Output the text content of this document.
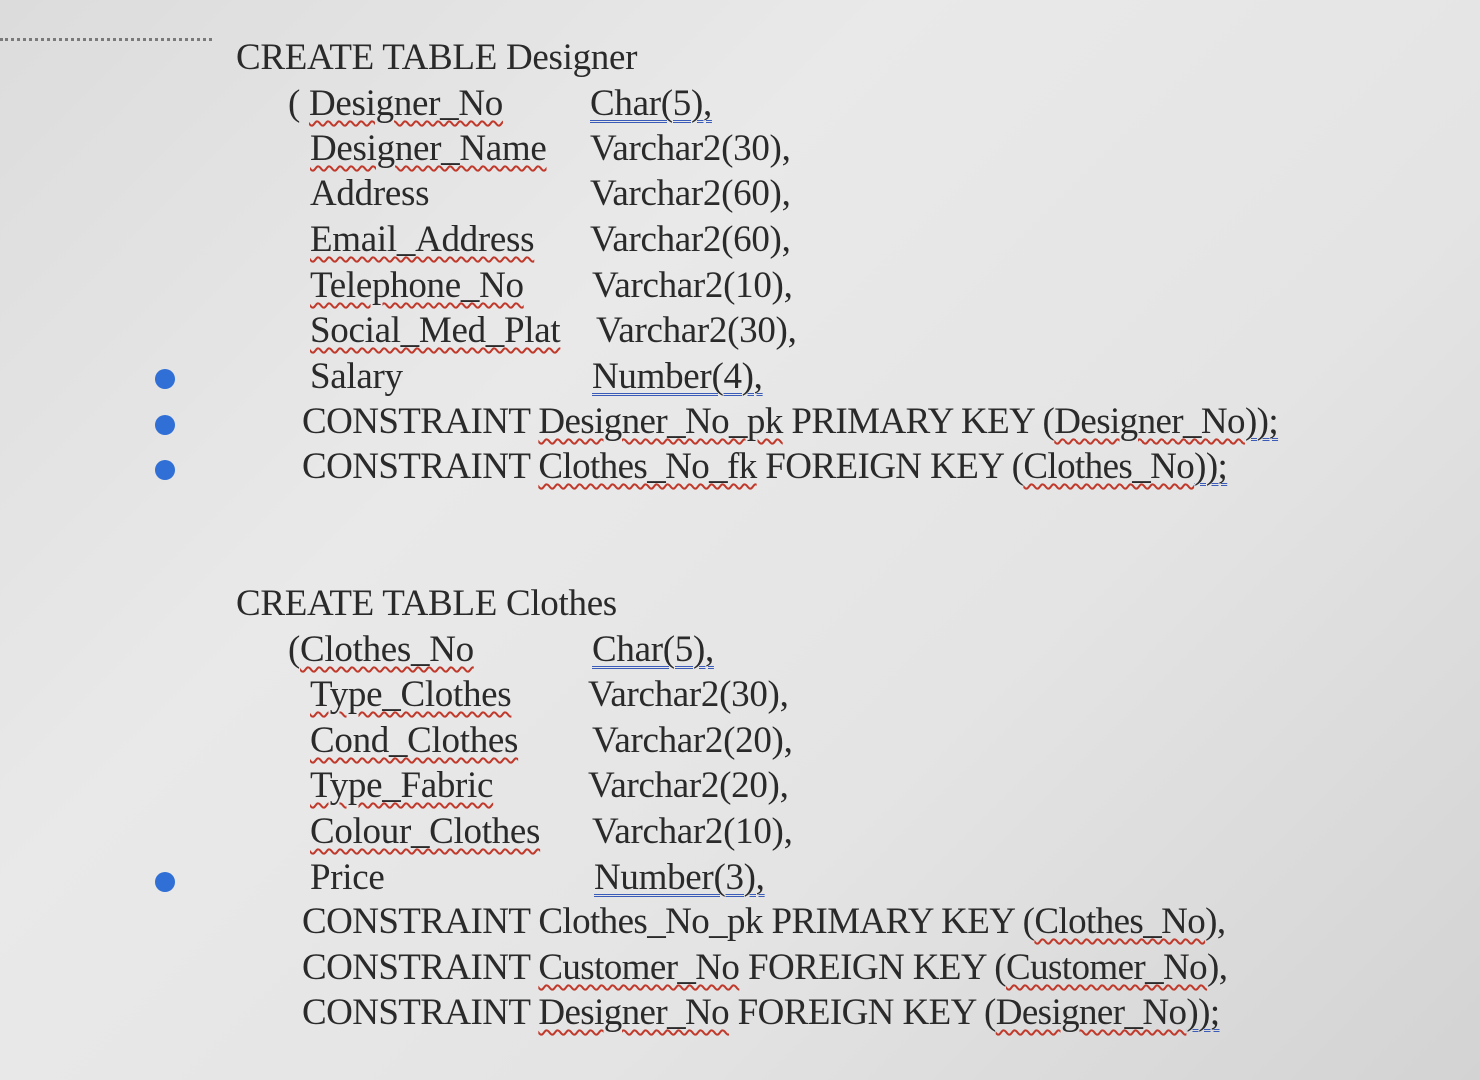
CREATE TABLE Designer
( Designer_No Char(5),
Designer_Name Varchar2(30),
Address	Varchar2(60),
Email_Address Varchar2(60),
Telephone_No Varchar2(10),
Social_Med_Plat Varchar2(30),
Salary	Number(4),
CONSTRAINT Designer_No_pk PRIMARY KEY (Designer_No));
CONSTRAINT Clothes_No_fk FOREIGN KEY (Clothes_No));
CREATE TABLE Clothes
(Clothes_No	Char(5),
Type_Clothes Varchar2(30),
Cond_Clothes Varchar2(20),
Type_Fabric	Varchar2(20),
Colour_Clothes Varchar2(10),
Price	Number(3),
CONSTRAINT Clothes_No_pk PRIMARY KEY (Clothes_No),
CONSTRAINT Customer_No FOREIGN KEY (Customer_No),
CONSTRAINT Designer_No FOREIGN KEY (Designer_No));
